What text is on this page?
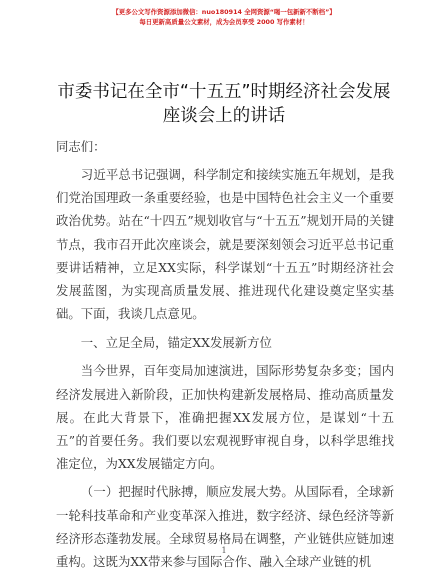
【更多公文写作资源添加微信：nuo180914 全网资源“喝一包新新不断档”】
每日更新高质量公文素材，成为会员享受 2000 写作素材！
市委书记在全市“十五五”时期经济社会发展
座谈会上的讲话

同志们：

习近平总书记强调，科学制定和接续实施五年规划，是我们党治国理政一条重要经验，也是中国特色社会主义一个重要政治优势。站在“十四五”规划收官与“十五五”规划开局的关键节点，我市召开此次座谈会，就是要深刻领会习近平总书记重要讲话精神，立足XX实际，科学谋划“十五五”时期经济社会发展蓝图，为实现高质量发展、推进现代化建设奠定坚实基础。下面，我谈几点意见。

一、立足全局，锚定XX发展新方位

当今世界，百年变局加速演进，国际形势复杂多变；国内经济发展进入新阶段，正加快构建新发展格局、推动高质量发展。在此大背景下，准确把握XX发展方位，是谋划“十五五”的首要任务。我们要以宏观视野审视自身，以科学思维找准定位，为XX发展锚定方向。

（一）把握时代脉搏，顺应发展大势。从国际看，全球新一轮科技革命和产业变革深入推进，数字经济、绿色经济等新经济形态蓬勃发展。全球贸易格局在调整，产业链供应链加速重构。这既为XX带来参与国际合作、融入全球产业链的机

1
